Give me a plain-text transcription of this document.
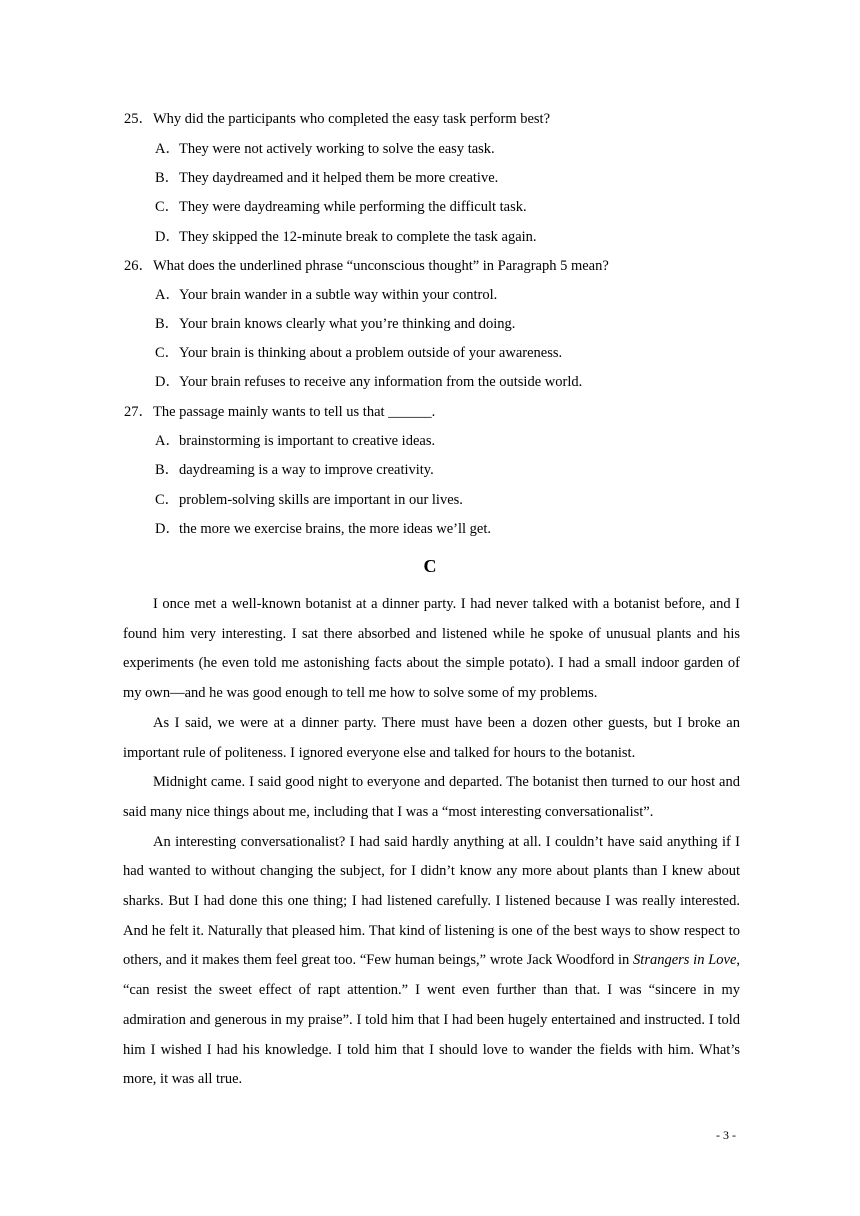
25．Why did the participants who completed the easy task perform best?
A．They were not actively working to solve the easy task.
B．They daydreamed and it helped them be more creative.
C．They were daydreaming while performing the difficult task.
D．They skipped the 12-minute break to complete the task again.
26．What does the underlined phrase “unconscious thought” in Paragraph 5 mean?
A．Your brain wander in a subtle way within your control.
B．Your brain knows clearly what you’re thinking and doing.
C．Your brain is thinking about a problem outside of your awareness.
D．Your brain refuses to receive any information from the outside world.
27．The passage mainly wants to tell us that ______.
A．brainstorming is important to creative ideas.
B．daydreaming is a way to improve creativity.
C．problem-solving skills are important in our lives.
D．the more we exercise brains, the more ideas we’ll get.
C

I once met a well-known botanist at a dinner party. I had never talked with a botanist before, and I found him very interesting. I sat there absorbed and listened while he spoke of unusual plants and his experiments (he even told me astonishing facts about the simple potato). I had a small indoor garden of my own—and he was good enough to tell me how to solve some of my problems.

As I said, we were at a dinner party. There must have been a dozen other guests, but I broke an important rule of politeness. I ignored everyone else and talked for hours to the botanist.

Midnight came. I said good night to everyone and departed. The botanist then turned to our host and said many nice things about me, including that I was a “most interesting conversationalist”.

An interesting conversationalist? I had said hardly anything at all. I couldn’t have said anything if I had wanted to without changing the subject, for I didn’t know any more about plants than I knew about sharks. But I had done this one thing; I had listened carefully. I listened because I was really interested. And he felt it. Naturally that pleased him. That kind of listening is one of the best ways to show respect to others, and it makes them feel great too. “Few human beings,” wrote Jack Woodford in Strangers in Love, “can resist the sweet effect of rapt attention.” I went even further than that. I was “sincere in my admiration and generous in my praise”. I told him that I had been hugely entertained and instructed. I told him I wished I had his knowledge. I told him that I should love to wander the fields with him. What’s more, it was all true.

- 3 -
